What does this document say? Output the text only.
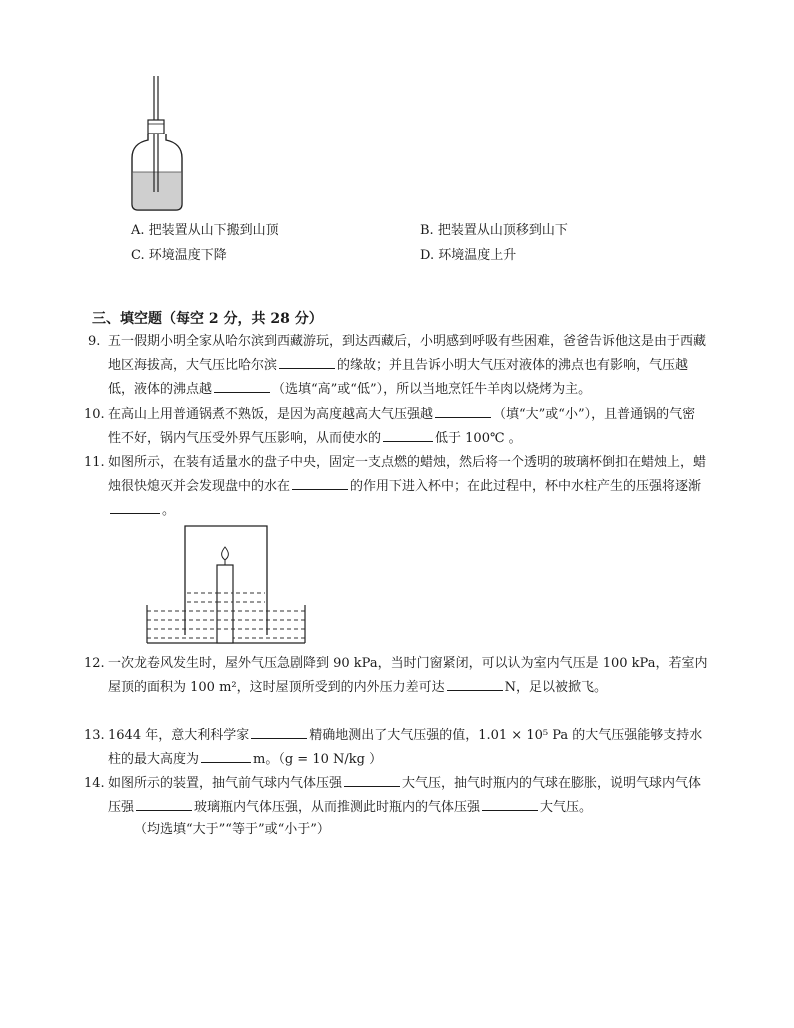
A. 把装置从山下搬到山顶	B. 把装置从山顶移到山下
C. 环境温度下降	D. 环境温度上升
三、填空题（每空 2 分，共 28 分）
9. 五一假期小明全家从哈尔滨到西藏游玩，到达西藏后，小明感到呼吸有些困难，爸爸告诉他这是由于西藏地区海拔高，大气压比哈尔滨	的缘故；并且告诉小明大气压对液体的沸点也有影响，气压越低，液体的沸点越	（选填“高”或“低”），所以当地烹饪牛羊肉以烧烤为主。
10. 在高山上用普通锅煮不熟饭，是因为高度越高大气压强越	（填“大”或“小”），且普通锅的气密性不好，锅内气压受外界气压影响，从而使水的	低于 100℃ 。
11. 如图所示，在装有适量水的盘子中央，固定一支点燃的蜡烛，然后将一个透明的玻璃杯倒扣在蜡烛上，蜡烛很快熄灭并会发现盘中的水在	的作用下进入杯中；在此过程中，杯中水柱产生的压强将逐渐。
12. 一次龙卷风发生时，屋外气压急剧降到 90 kPa，当时门窗紧闭，可以认为室内气压是 100 kPa，若室内屋顶的面积为 100 m²，这时屋顶所受到的内外压力差可达	N，足以被掀飞。
13. 1644 年，意大利科学家	精确地测出了大气压强的值，1.01 × 10⁵ Pa 的大气压强能够支持水柱的最大高度为	m。（g = 10 N/kg ）
14. 如图所示的装置，抽气前气球内气体压强	大气压，抽气时瓶内的气球在膨胀，说明气球内气体压强	玻璃瓶内气体压强，从而推测此时瓶内的气体压强	大气压。
（均选填“大于”“等于”或“小于”）
